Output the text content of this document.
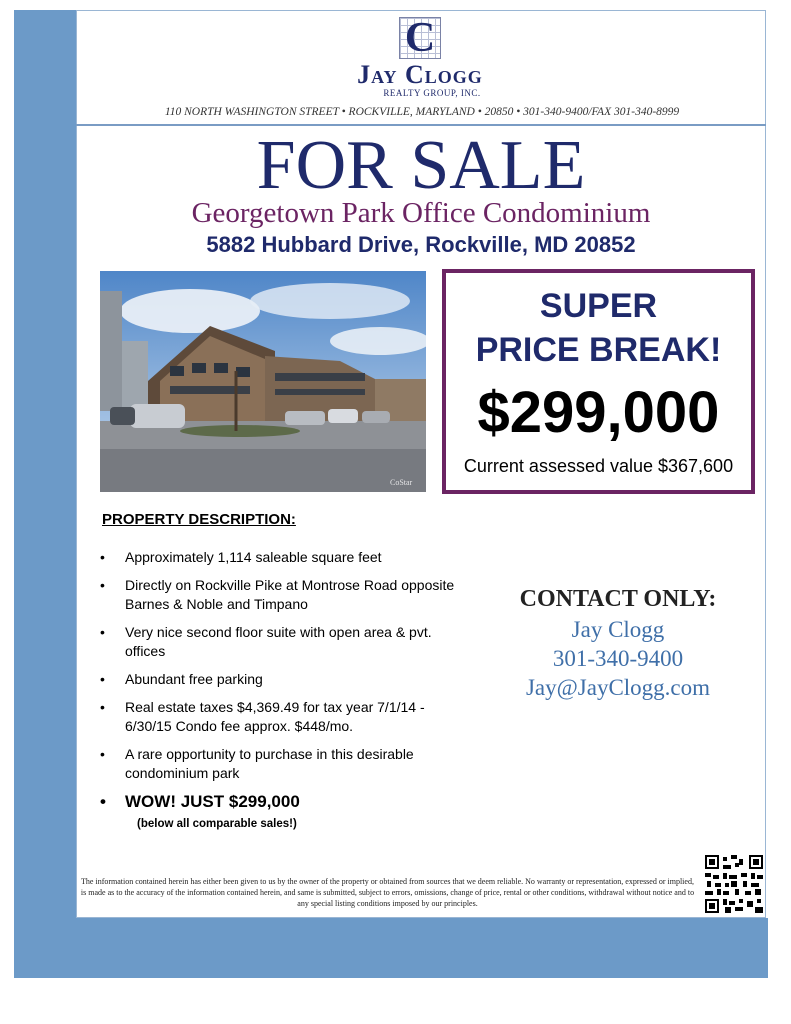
C
Jay Clogg
REALTY GROUP, INC.
110 NORTH WASHINGTON STREET • ROCKVILLE, MARYLAND • 20850 • 301-340-9400/FAX 301-340-8999
FOR SALE
Georgetown Park Office Condominium
5882 Hubbard Drive, Rockville, MD 20852
CoStar
SUPER
PRICE BREAK!
$299,000
Current assessed value $367,600
PROPERTY DESCRIPTION:
• Approximately 1,114 saleable square feet
• Directly on Rockville Pike at Montrose Road opposite Barnes & Noble and Timpano
• Very nice second floor suite with open area & pvt. offices
• Abundant free parking
• Real estate taxes $4,369.49 for tax year 7/1/14 - 6/30/15 Condo fee approx. $448/mo.
• A rare opportunity to purchase in this desirable condominium park
• WOW! JUST $299,000
(below all comparable sales!)
CONTACT ONLY:
Jay Clogg
301-340-9400
Jay@JayClogg.com
The information contained herein has either been given to us by the owner of the property or obtained from sources that we deem reliable. No warranty or representation, expressed or implied, is made as to the accuracy of the information contained herein, and same is submitted, subject to errors, omissions, change of price, rental or other conditions, withdrawal without notice and to any special listing conditions imposed by our principles.
